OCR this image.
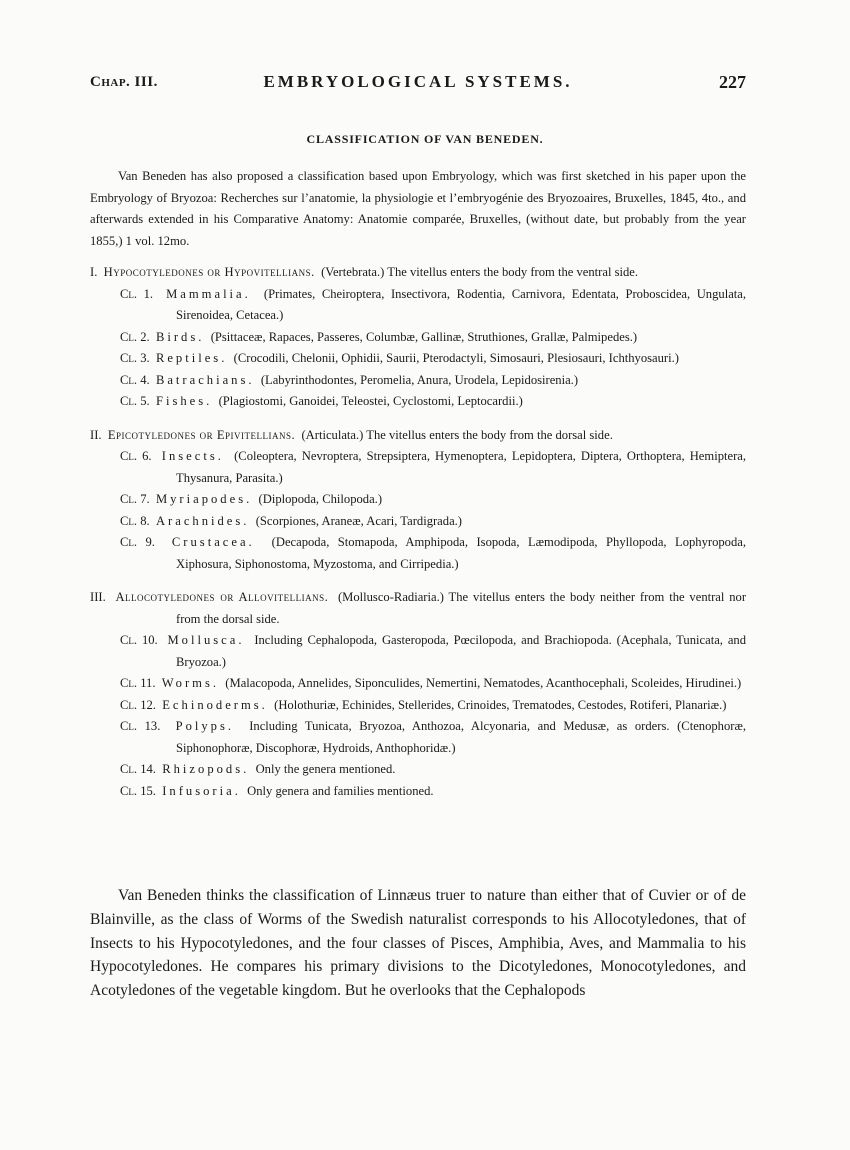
Chap. III.	EMBRYOLOGICAL SYSTEMS.	227
CLASSIFICATION OF VAN BENEDEN.

Van Beneden has also proposed a classification based upon Embryology, which was first sketched in his paper upon the Embryology of Bryozoa: Recherches sur l’anatomie, la physiologie et l’embryogénie des Bryozoaires, Bruxelles, 1845, 4to., and afterwards extended in his Comparative Anatomy: Anatomie comparée, Bruxelles, (without date, but probably from the year 1855,) 1 vol. 12mo.

I. Hypocotyledones or Hypovitellians. (Vertebrata.) The vitellus enters the body from the ventral side.
Cl. 1. Mammalia. (Primates, Cheiroptera, Insectivora, Rodentia, Carnivora, Edentata, Proboscidea, Ungulata, Sirenoidea, Cetacea.)
Cl. 2. Birds. (Psittaceæ, Rapaces, Passeres, Columbæ, Gallinæ, Struthiones, Grallæ, Palmipedes.)
Cl. 3. Reptiles. (Crocodili, Chelonii, Ophidii, Saurii, Pterodactyli, Simosauri, Plesiosauri, Ichthyosauri.)
Cl. 4. Batrachians. (Labyrinthodontes, Peromelia, Anura, Urodela, Lepidosirenia.)
Cl. 5. Fishes. (Plagiostomi, Ganoidei, Teleostei, Cyclostomi, Leptocardii.)
II. Epicotyledones or Epivitellians. (Articulata.) The vitellus enters the body from the dorsal side.
Cl. 6. Insects. (Coleoptera, Nevroptera, Strepsiptera, Hymenoptera, Lepidoptera, Diptera, Orthoptera, Hemiptera, Thysanura, Parasita.)
Cl. 7. Myriapodes. (Diplopoda, Chilopoda.)
Cl. 8. Arachnides. (Scorpiones, Araneæ, Acari, Tardigrada.)
Cl. 9. Crustacea. (Decapoda, Stomapoda, Amphipoda, Isopoda, Læmodipoda, Phyllopoda, Lophyropoda, Xiphosura, Siphonostoma, Myzostoma, and Cirripedia.)
III. Allocotyledones or Allovitellians. (Mollusco-Radiaria.) The vitellus enters the body neither from the ventral nor from the dorsal side.
Cl. 10. Mollusca. Including Cephalopoda, Gasteropoda, Pœcilopoda, and Brachiopoda. (Acephala, Tunicata, and Bryozoa.)
Cl. 11. Worms. (Malacopoda, Annelides, Siponculides, Nemertini, Nematodes, Acanthocephali, Scoleides, Hirudinei.)
Cl. 12. Echinoderms. (Holothuriæ, Echinides, Stellerides, Crinoides, Trematodes, Cestodes, Rotiferi, Planariæ.)
Cl. 13. Polyps. Including Tunicata, Bryozoa, Anthozoa, Alcyonaria, and Medusæ, as orders. (Ctenophoræ, Siphonophoræ, Discophoræ, Hydroids, Anthophoridæ.)
Cl. 14. Rhizopods. Only the genera mentioned.
Cl. 15. Infusoria. Only genera and families mentioned.

Van Beneden thinks the classification of Linnæus truer to nature than either that of Cuvier or of de Blainville, as the class of Worms of the Swedish naturalist corresponds to his Allocotyledones, that of Insects to his Hypocotyledones, and the four classes of Pisces, Amphibia, Aves, and Mammalia to his Hypocotyledones. He compares his primary divisions to the Dicotyledones, Monocotyledones, and Acotyledones of the vegetable kingdom. But he overlooks that the Cephalopods
